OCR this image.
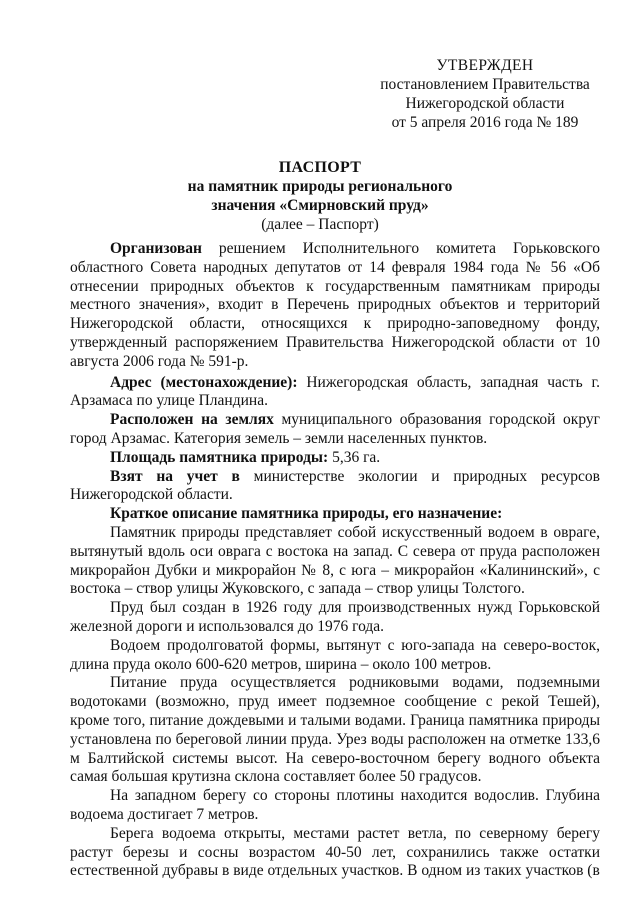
УТВЕРЖДЕН
постановлением Правительства
Нижегородской области
от 5 апреля 2016 года № 189
ПАСПОРТ
на памятник природы регионального
значения «Смирновский пруд»
(далее – Паспорт)

Организован решением Исполнительного комитета Горьковского областного Совета народных депутатов от 14 февраля 1984 года № 56 «Об отнесении природных объектов к государственным памятникам природы местного значения», входит в Перечень природных объектов и территорий Нижегородской области, относящихся к природно-заповедному фонду, утвержденный распоряжением Правительства Нижегородской области от 10 августа 2006 года № 591-р.

Адрес (местонахождение): Нижегородская область, западная часть г. Арзамаса по улице Пландина.

Расположен на землях муниципального образования городской округ город Арзамас. Категория земель – земли населенных пунктов.

Площадь памятника природы: 5,36 га.

Взят на учет в министерстве экологии и природных ресурсов Нижегородской области.

Краткое описание памятника природы, его назначение:

Памятник природы представляет собой искусственный водоем в овраге, вытянутый вдоль оси оврага с востока на запад. С севера от пруда расположен микрорайон Дубки и микрорайон № 8, с юга – микрорайон «Калининский», с востока – створ улицы Жуковского, с запада – створ улицы Толстого.

Пруд был создан в 1926 году для производственных нужд Горьковской железной дороги и использовался до 1976 года.

Водоем продолговатой формы, вытянут с юго-запада на северо-восток, длина пруда около 600-620 метров, ширина – около 100 метров.

Питание пруда осуществляется родниковыми водами, подземными водотоками (возможно, пруд имеет подземное сообщение с рекой Тешей), кроме того, питание дождевыми и талыми водами. Граница памятника природы установлена по береговой линии пруда. Урез воды расположен на отметке 133,6 м Балтийской системы высот. На северо-восточном берегу водного объекта самая большая крутизна склона составляет более 50 градусов.

На западном берегу со стороны плотины находится водослив. Глубина водоема достигает 7 метров.

Берега водоема открыты, местами растет ветла, по северному берегу растут березы и сосны возрастом 40-50 лет, сохранились также остатки естественной дубравы в виде отдельных участков. В одном из таких участков (в
